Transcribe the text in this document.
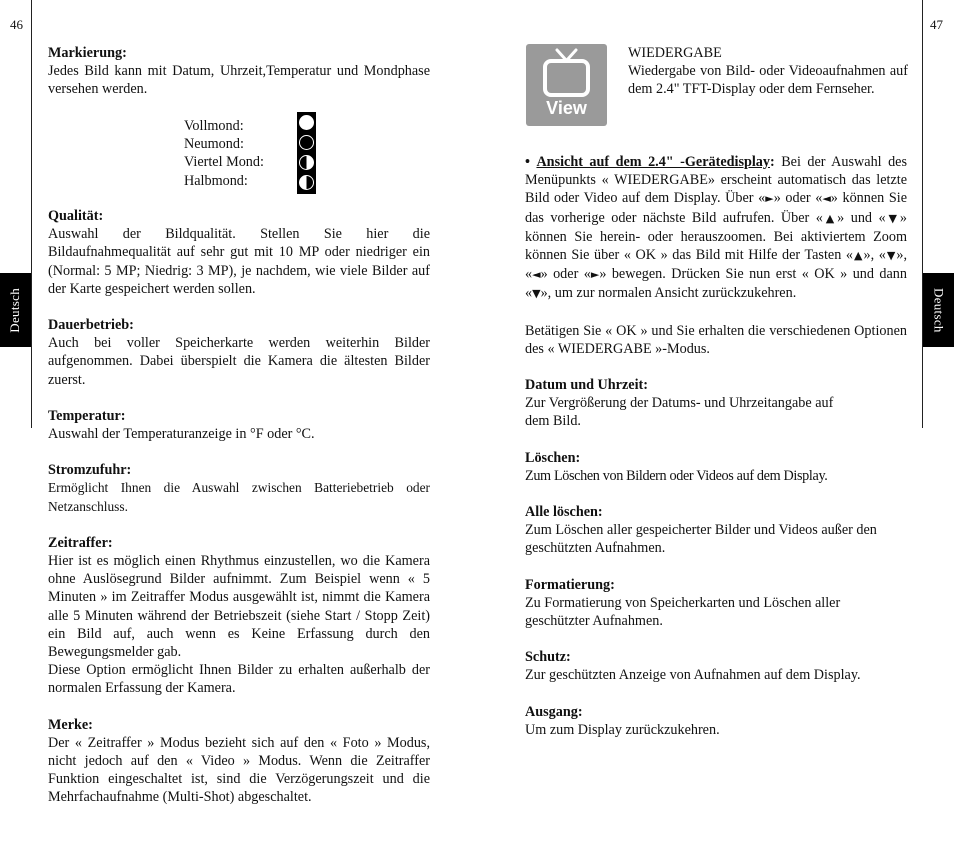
46	47
Deutsch	Deutsch

Markierung:

Jedes Bild kann mit Datum, Uhrzeit,Temperatur und Mondphase versehen werden.

Vollmond:
Neumond:
Viertel Mond:
Halbmond:

Qualität:

Auswahl der Bildqualität. Stellen Sie hier die Bildaufnahmequalität auf sehr gut mit 10 MP oder niedriger ein (Normal: 5 MP; Niedrig: 3 MP), je nachdem, wie viele Bilder auf der Karte gespeichert werden sollen.

Dauerbetrieb:

Auch bei voller Speicherkarte werden weiterhin Bilder aufgenommen. Dabei überspielt die Kamera die ältesten Bilder zuerst.

Temperatur:

Auswahl der Temperaturanzeige in °F oder °C.

Stromzufuhr:

Ermöglicht Ihnen die Auswahl zwischen Batteriebetrieb oder Netzanschluss.

Zeitraffer:

Hier ist es möglich einen Rhythmus einzustellen, wo die Kamera ohne Auslösegrund Bilder aufnimmt. Zum Beispiel wenn « 5 Minuten » im Zeitraffer Modus ausgewählt ist, nimmt die Kamera alle 5 Minuten während der Betriebszeit (siehe Start / Stopp Zeit) ein Bild auf, auch wenn es Keine Erfassung durch den Bewegungsmelder gab.

Diese Option ermöglicht Ihnen Bilder zu erhalten außerhalb der normalen Erfassung der Kamera.

Merke:

Der « Zeitraffer » Modus bezieht sich auf den « Foto » Modus, nicht jedoch auf den « Video » Modus. Wenn die Zeitraffer Funktion eingeschaltet ist, sind die Verzögerungszeit und die Mehrfachaufnahme (Multi-Shot) abgeschaltet.

View

WIEDERGABE

Wiedergabe von Bild- oder Videoaufnahmen auf dem 2.4" TFT-Display oder dem Fernseher.

• Ansicht auf dem 2.4" -Gerätedisplay: Bei der Auswahl des Menüpunkts « WIEDERGABE» erscheint automatisch das letzte Bild oder Video auf dem Display. Über «►» oder «◄» können Sie das vorherige oder nächste Bild aufrufen. Über «▲» und «▼» können Sie herein- oder herauszoomen. Bei aktiviertem Zoom können Sie über « OK » das Bild mit Hilfe der Tasten «▲», «▼», «◄» oder «►» bewegen. Drücken Sie nun erst « OK » und dann «▼», um zur normalen Ansicht zurückzukehren.

Betätigen Sie « OK » und Sie erhalten die verschiedenen Optionen des « WIEDERGABE »-Modus.

Datum und Uhrzeit:

Zur Vergrößerung der Datums- und Uhrzeitangabe auf

dem Bild.

Löschen:

Zum Löschen von Bildern oder Videos auf dem Display.

Alle löschen:

Zum Löschen aller gespeicherter Bilder und Videos außer den geschützten Aufnahmen.

Formatierung:

Zu Formatierung von Speicherkarten und Löschen aller geschützter Aufnahmen.

Schutz:

Zur geschützten Anzeige von Aufnahmen auf dem Display.

Ausgang:

Um zum Display zurückzukehren.
